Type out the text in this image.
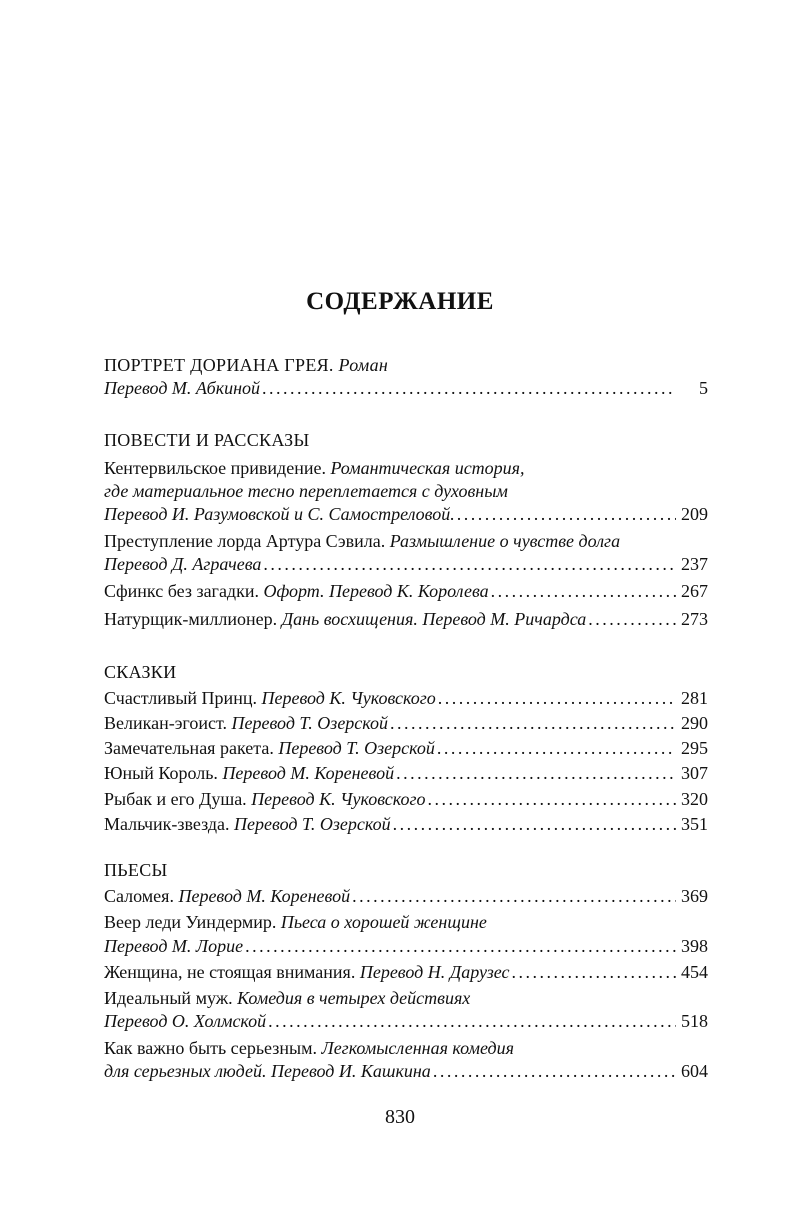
СОДЕРЖАНИЕ
ПОРТРЕТ ДОРИАНА ГРЕЯ. Роман
Перевод М. Абкиной . . .	5
ПОВЕСТИ И РАССКАЗЫ
Кентервильское привидение. Романтическая история,
где материальное тесно переплетается с духовным
Перевод И. Разумовской и С. Самостреловой. . . .	209
Преступление лорда Артура Сэвила. Размышление о чувстве долга
Перевод Д. Аграчева . . .	237
Сфинкс без загадки.
Офорт. Перевод К. Королева . . .	267
Натурщик-миллионер.
Дань восхищения. Перевод М. Ричардса . . .	273
СКАЗКИ
Счастливый Принц.
Перевод К. Чуковского . . .	281
Великан-эгоист.
Перевод Т. Озерской . . .	290
Замечательная ракета.
Перевод Т. Озерской . . .	295
Юный Король.
Перевод М. Кореневой . . .	307
Рыбак и его Душа.
Перевод К. Чуковского . . .	320
Мальчик-звезда.
Перевод Т. Озерской . . .	351
ПЬЕСЫ
Саломея.
Перевод М. Кореневой . . .	369
Веер леди Уиндермир. Пьеса о хорошей женщине
Перевод М. Лорие . . .	398
Женщина, не стоящая внимания.
Перевод Н. Дарузес . . .	454
Идеальный муж. Комедия в четырех действиях
Перевод О. Холмской . . .	518
Как важно быть серьезным. Легкомысленная комедия
для серьезных людей. Перевод И. Кашкина . . .	604
830
